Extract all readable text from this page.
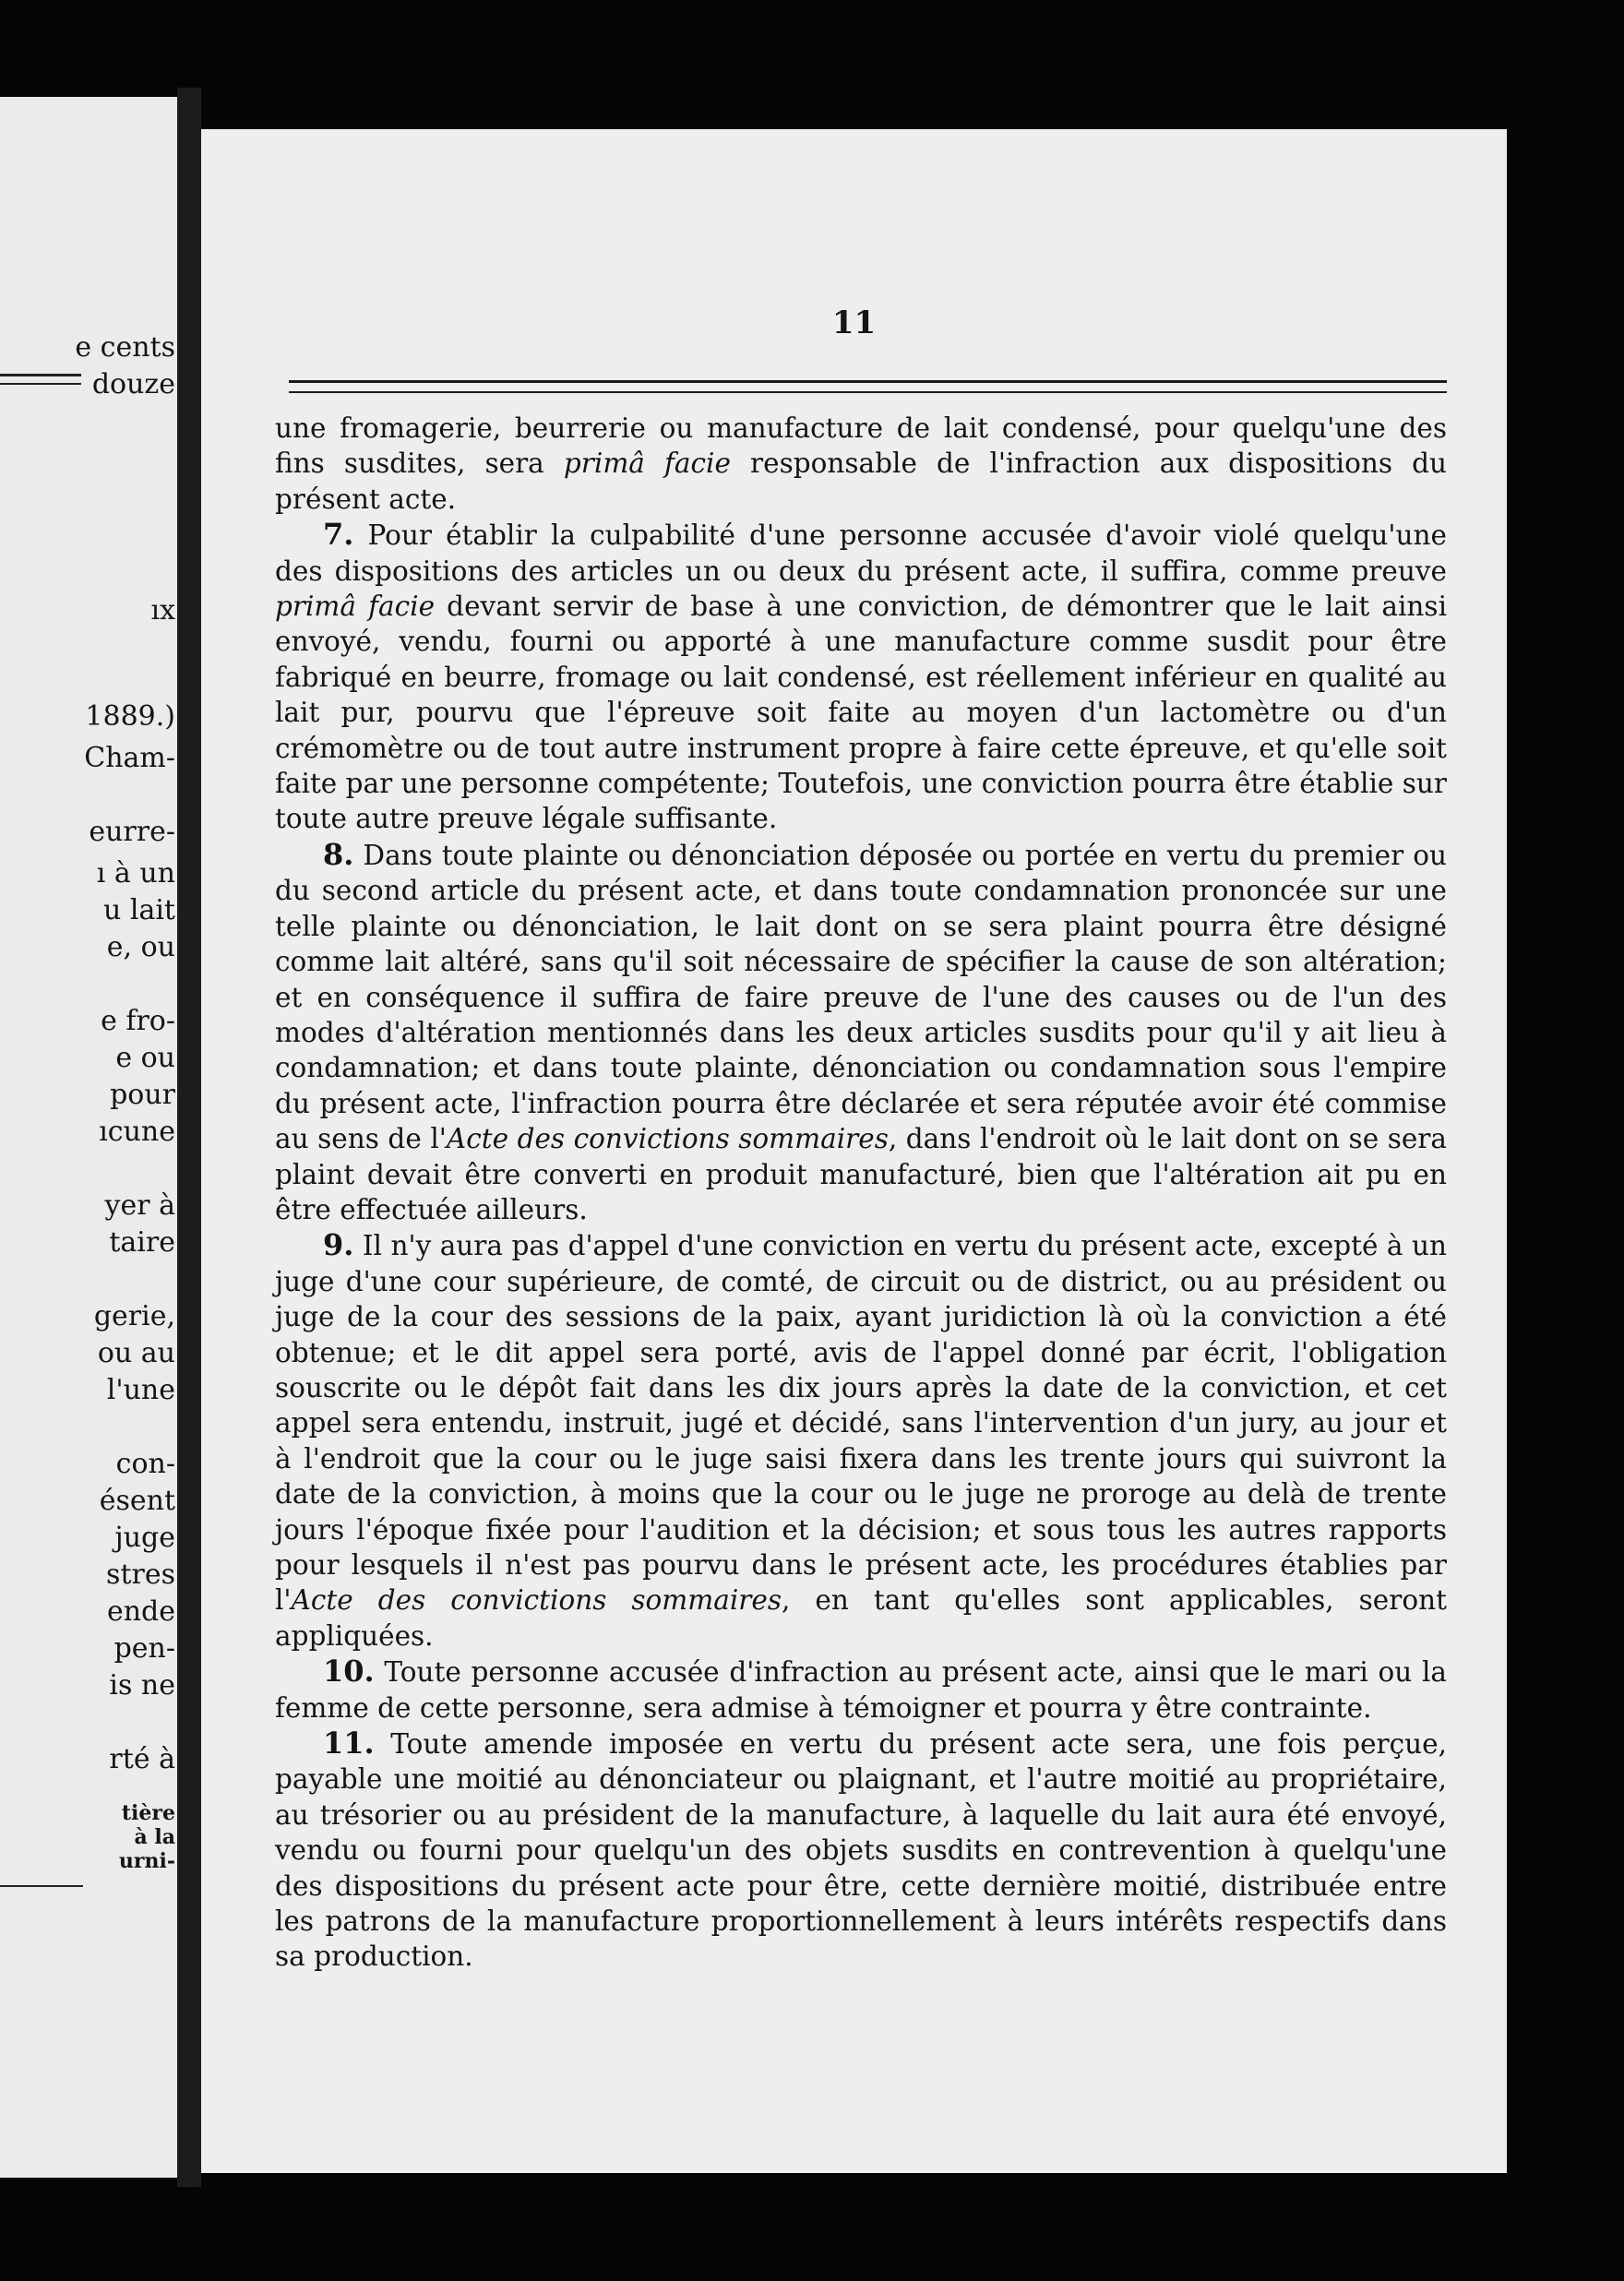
e cents
douze
ıx
1889.)
Cham-
eurre-
ı à un
u lait
e, ou
e fro-
e ou
pour
ıcune
yer à
taire
gerie,
ou au
l'une
con-
ésent
juge
stres
ende
pen-
is ne
rté à
tière
à la
urni-
11

une fromagerie, beurrerie ou manufacture de lait condensé, pour quelqu'une des fins susdites, sera primâ facie responsable de l'infraction aux dispositions du présent acte.

7. Pour établir la culpabilité d'une personne accusée d'avoir violé quelqu'une des dispositions des articles un ou deux du présent acte, il suffira, comme preuve primâ facie devant servir de base à une conviction, de démontrer que le lait ainsi envoyé, vendu, fourni ou apporté à une manufacture comme susdit pour être fabriqué en beurre, fromage ou lait condensé, est réellement inférieur en qualité au lait pur, pourvu que l'épreuve soit faite au moyen d'un lactomètre ou d'un crémomètre ou de tout autre instrument propre à faire cette épreuve, et qu'elle soit faite par une personne compétente; Toutefois, une conviction pourra être établie sur toute autre preuve légale suffisante.

8. Dans toute plainte ou dénonciation déposée ou portée en vertu du premier ou du second article du présent acte, et dans toute condamnation prononcée sur une telle plainte ou dénonciation, le lait dont on se sera plaint pourra être désigné comme lait altéré, sans qu'il soit nécessaire de spécifier la cause de son altération; et en conséquence il suffira de faire preuve de l'une des causes ou de l'un des modes d'altération mentionnés dans les deux articles susdits pour qu'il y ait lieu à condamnation; et dans toute plainte, dénonciation ou condamnation sous l'empire du présent acte, l'infraction pourra être déclarée et sera réputée avoir été commise au sens de l'Acte des convictions sommaires, dans l'endroit où le lait dont on se sera plaint devait être converti en produit manufacturé, bien que l'altération ait pu en être effectuée ailleurs.

9. Il n'y aura pas d'appel d'une conviction en vertu du présent acte, excepté à un juge d'une cour supérieure, de comté, de circuit ou de district, ou au président ou juge de la cour des sessions de la paix, ayant juridiction là où la conviction a été obtenue; et le dit appel sera porté, avis de l'appel donné par écrit, l'obligation souscrite ou le dépôt fait dans les dix jours après la date de la conviction, et cet appel sera entendu, instruit, jugé et décidé, sans l'intervention d'un jury, au jour et à l'endroit que la cour ou le juge saisi fixera dans les trente jours qui suivront la date de la conviction, à moins que la cour ou le juge ne proroge au delà de trente jours l'époque fixée pour l'audition et la décision; et sous tous les autres rapports pour lesquels il n'est pas pourvu dans le présent acte, les procédures établies par l'Acte des convictions sommaires, en tant qu'elles sont applicables, seront appliquées.

10. Toute personne accusée d'infraction au présent acte, ainsi que le mari ou la femme de cette personne, sera admise à témoigner et pourra y être contrainte.

11. Toute amende imposée en vertu du présent acte sera, une fois perçue, payable une moitié au dénonciateur ou plaignant, et l'autre moitié au propriétaire, au trésorier ou au président de la manufacture, à laquelle du lait aura été envoyé, vendu ou fourni pour quelqu'un des objets susdits en contrevention à quelqu'une des dispositions du présent acte pour être, cette dernière moitié, distribuée entre les patrons de la manufacture proportionnellement à leurs intérêts respectifs dans sa production.
